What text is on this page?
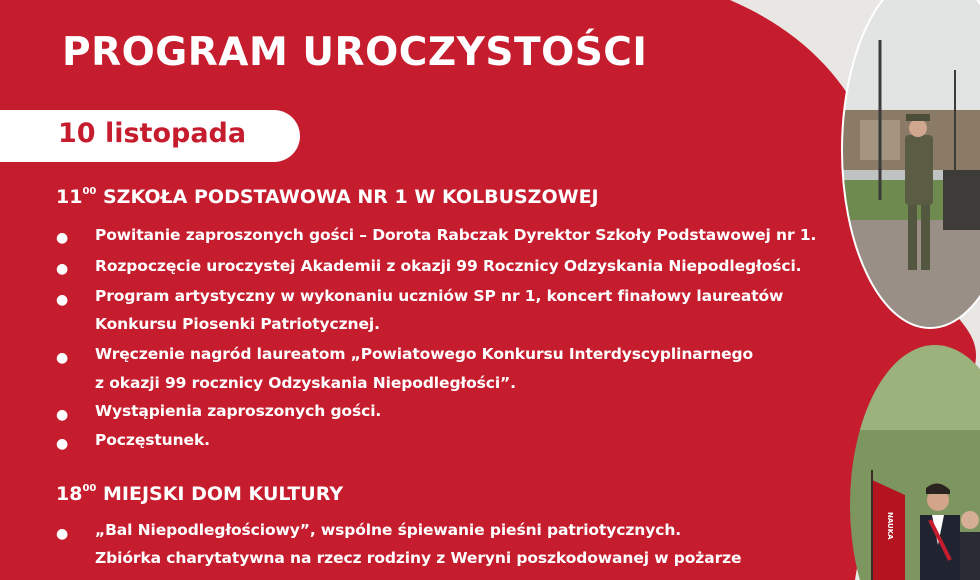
NAUKA
PROGRAM UROCZYSTOŚCI
10 listopada
$11^{00}$ SZKOŁA PODSTAWOWA NR 1 W KOLBUSZOWEJ
● Powitanie zaproszonych gości – Dorota Rabczak Dyrektor Szkoły Podstawowej nr 1.
● Rozpoczęcie uroczystej Akademii z okazji 99 Rocznicy Odzyskania Niepodległości.
● Program artystyczny w wykonaniu uczniów SP nr 1, koncert finałowy laureatów
Konkursu Piosenki Patriotycznej.
● Wręczenie nagród laureatom „Powiatowego Konkursu Interdyscyplinarnego
z okazji 99 rocznicy Odzyskania Niepodległości”.
● Wystąpienia zaproszonych gości.
● Poczęstunek.
$18^{00}$ MIEJSKI DOM KULTURY
● „Bal Niepodległościowy”, wspólne śpiewanie pieśni patriotycznych.
Zbiórka charytatywna na rzecz rodziny z Weryni poszkodowanej w pożarze
